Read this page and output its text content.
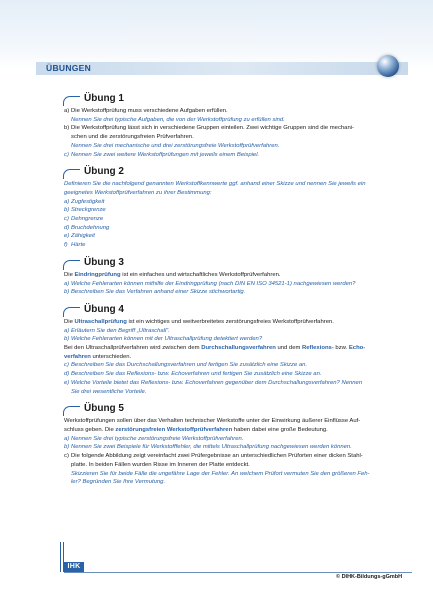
ÜBUNGEN
Übung 1
a) Die Werkstoffprüfung muss verschiedene Aufgaben erfüllen.
Nennen Sie drei typische Aufgaben, die von der Werkstoffprüfung zu erfüllen sind.
b) Die Werkstoffprüfung lässt sich in verschiedene Gruppen einteilen. Zwei wichtige Gruppen sind die mechani-
schen und die zerstörungsfreien Prüfverfahren.
Nennen Sie drei mechanische und drei zerstörungsfreie Werkstoffprüfverfahren.
c) Nennen Sie zwei weitere Werkstoffprüfungen mit jeweils einem Beispiel.
Übung 2
Definieren Sie die nachfolgend genannten Werkstoffkennwerte ggf. anhand einer Skizze und nennen Sie jeweils ein
geeignetes Werkstoffprüfverfahren zu ihrer Bestimmung:
a) Zugfestigkeit
b) Streckgrenze
c) Dehngrenze
d) Bruchdehnung
e) Zähigkeit
f) Härte
Übung 3
Die Eindringprüfung ist ein einfaches und wirtschaftliches Werkstoffprüfverfahren.
a) Welche Fehlerarten können mithilfe der Eindringprüfung (nach DIN EN ISO 34521-1) nachgewiesen werden?
b) Beschreiben Sie das Verfahren anhand einer Skizze stichwortartig.
Übung 4
Die Ultraschallprüfung ist ein wichtiges und weitverbreitetes zerstörungsfreies Werkstoffprüfverfahren.
a) Erläutern Sie den Begriff „Ultraschall“.
b) Welche Fehlerarten können mit der Ultraschallprüfung detektiert werden?
Bei den Ultraschallprüfverfahren wird zwischen dem Durchschallungsverfahren und dem Reflexions- bzw. Echo-
verfahren unterschieden.
c) Beschreiben Sie das Durchschallungsverfahren und fertigen Sie zusätzlich eine Skizze an.
d) Beschreiben Sie das Reflexions- bzw. Echoverfahren und fertigen Sie zusätzlich eine Skizze an.
e) Welche Vorteile bietet das Reflexions- bzw. Echoverfahren gegenüber dem Durchschallungsverfahren? Nennen
Sie drei wesentliche Vorteile.
Übung 5
Werkstoffprüfungen sollen über das Verhalten technischer Werkstoffe unter der Einwirkung äußerer Einflüsse Auf-
schluss geben. Die zerstörungsfreien Werkstoffprüfverfahren haben dabei eine große Bedeutung.
a) Nennen Sie drei typische zerstörungsfreie Werkstoffprüfverfahren.
b) Nennen Sie zwei Beispiele für Werkstofffehler, die mittels Ultraschallprüfung nachgewiesen werden können.
c) Die folgende Abbildung zeigt vereinfacht zwei Prüfergebnisse an unterschiedlichen Prüforten einer dicken Stahl-
platte. In beiden Fällen wurden Risse im Inneren der Platte entdeckt.
Skizzieren Sie für beide Fälle die ungefähre Lage der Fehler. An welchem Prüfort vermuten Sie den größeren Feh-
ler? Begründen Sie Ihre Vermutung.
IHK
© DIHK-Bildungs-gGmbH
